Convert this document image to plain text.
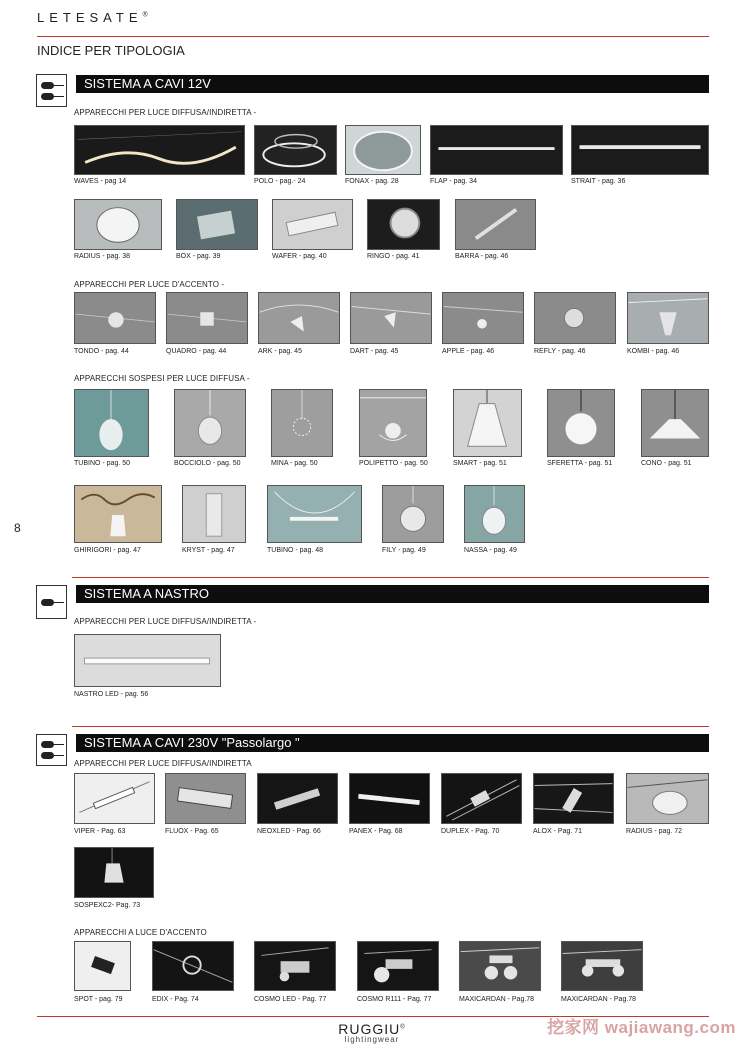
LETESATE®
INDICE PER TIPOLOGIA
8
SISTEMA A CAVI 12V
APPARECCHI PER LUCE DIFFUSA/INDIRETTA -
WAVES - pag 14	POLO - pag.- 24	FONAX - pag. 28	FLAP - pag. 34	STRAIT - pag. 36
RADIUS - pag. 38	BOX - pag. 39	WAFER - pag. 40	RINGO - pag. 41	BARRA - pag. 46
APPARECCHI PER LUCE D'ACCENTO -
TONDO - pag. 44	QUADRO - pag. 44	ARK - pag. 45	DART - pag. 45	APPLE - pag. 46	REFLY - pag. 46	KOMBI - pag. 46
APPARECCHI SOSPESI PER LUCE DIFFUSA -
TUBINO - pag. 50	BOCCIOLO - pag. 50	MINA - pag. 50	POLIPETTO - pag. 50	SMART - pag. 51	SFERETTA - pag. 51	CONO - pag. 51
GHIRIGORI - pag. 47	KRYST - pag. 47	TUBINO - pag. 48	FILY - pag. 49	NASSA - pag. 49
SISTEMA A NASTRO
APPARECCHI PER LUCE DIFFUSA/INDIRETTA -
NASTRO LED - pag. 56
SISTEMA A CAVI 230V "Passolargo "
APPARECCHI PER LUCE DIFFUSA/INDIRETTA
VIPER - Pag. 63	FLUOX - Pag. 65	NEOXLED - Pag. 66	PANEX - Pag. 68	DUPLEX - Pag. 70	ALOX - Pag. 71	RADIUS - pag. 72
SOSPEXC2- Pag. 73
APPARECCHI A LUCE D'ACCENTO
SPOT - pag. 79	EDIX - Pag. 74	COSMO LED - Pag. 77	COSMO R111 - Pag. 77	MAXICARDAN - Pag.78	MAXICARDAN - Pag.78
RUGGIU®
lightingwear
挖家网 wajiawang.com
